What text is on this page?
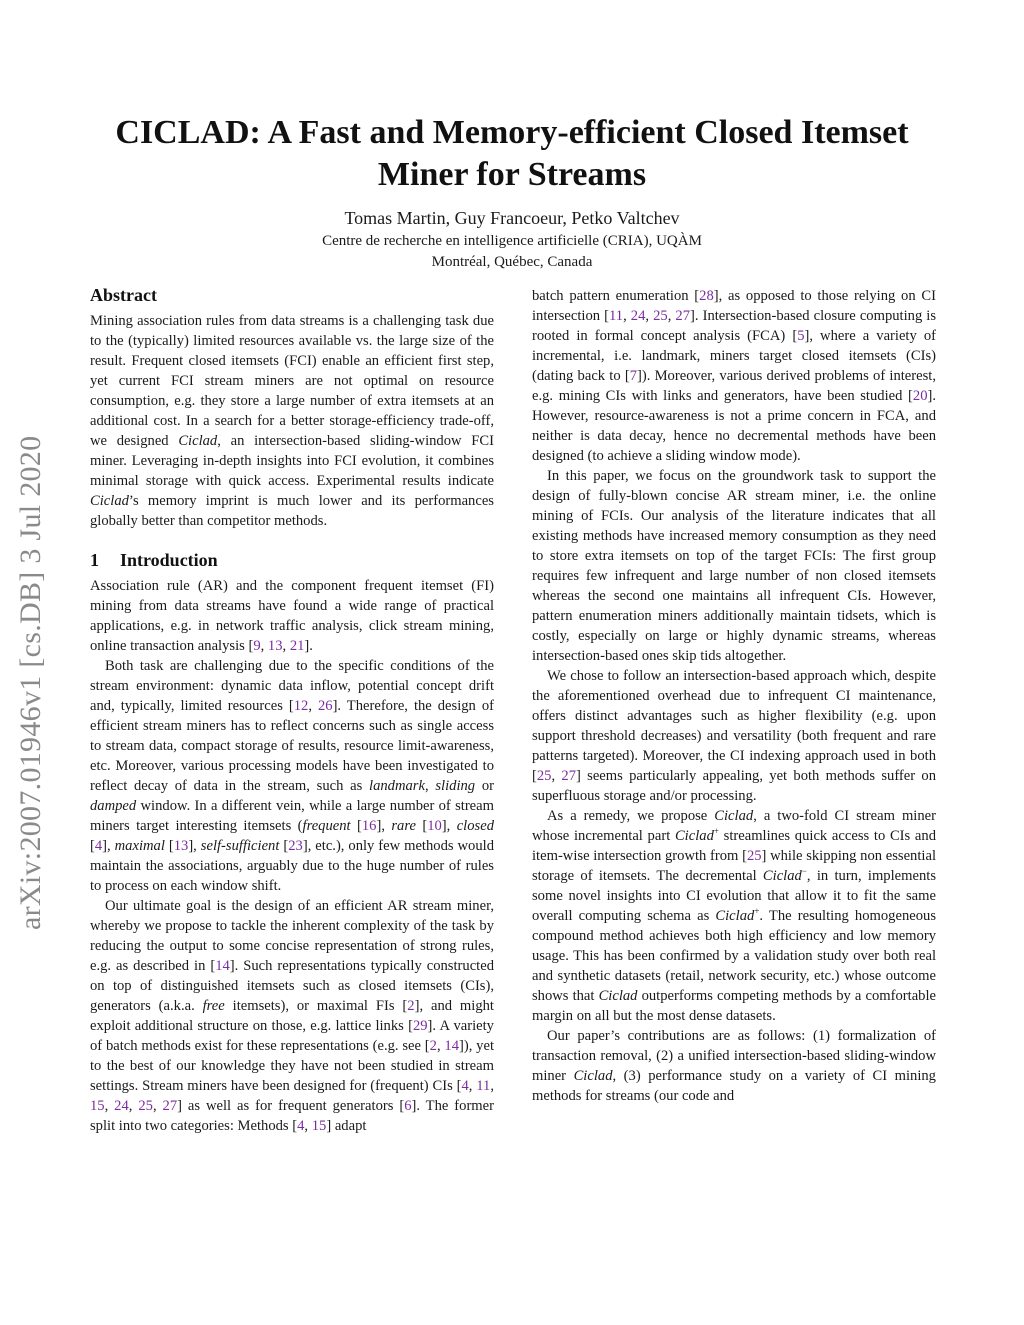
arXiv:2007.01946v1 [cs.DB] 3 Jul 2020
CICLAD: A Fast and Memory-efficient Closed Itemset
Miner for Streams
Tomas Martin, Guy Francoeur, Petko Valtchev
Centre de recherche en intelligence artificielle (CRIA), UQÀM
Montréal, Québec, Canada
Abstract

Mining association rules from data streams is a challenging task due to the (typically) limited resources available vs. the large size of the result. Frequent closed itemsets (FCI) enable an efficient first step, yet current FCI stream miners are not optimal on resource consumption, e.g. they store a large number of extra itemsets at an additional cost. In a search for a better storage-efficiency trade-off, we designed Ciclad, an intersection-based sliding-window FCI miner. Leveraging in-depth insights into FCI evolution, it combines minimal storage with quick access. Experimental results indicate Ciclad’s memory imprint is much lower and its performances globally better than competitor methods.

1 Introduction

Association rule (AR) and the component frequent itemset (FI) mining from data streams have found a wide range of practical applications, e.g. in network traffic analysis, click stream mining, online transaction analysis [9, 13, 21].

Both task are challenging due to the specific conditions of the stream environment: dynamic data inflow, potential concept drift and, typically, limited resources [12, 26]. Therefore, the design of efficient stream miners has to reflect concerns such as single access to stream data, compact storage of results, resource limit-awareness, etc. Moreover, various processing models have been investigated to reflect decay of data in the stream, such as landmark, sliding or damped window. In a different vein, while a large number of stream miners target interesting itemsets (frequent [16], rare [10], closed [4], maximal [13], self-sufficient [23], etc.), only few methods would maintain the associations, arguably due to the huge number of rules to process on each window shift.

Our ultimate goal is the design of an efficient AR stream miner, whereby we propose to tackle the inherent complexity of the task by reducing the output to some concise representation of strong rules, e.g. as described in [14]. Such representations typically constructed on top of distinguished itemsets such as closed itemsets (CIs), generators (a.k.a. free itemsets), or maximal FIs [2], and might exploit additional structure on those, e.g. lattice links [29]. A variety of batch methods exist for these representations (e.g. see [2, 14]), yet to the best of our knowledge they have not been studied in stream settings. Stream miners have been designed for (frequent) CIs [4, 11, 15, 24, 25, 27] as well as for frequent generators [6]. The former split into two categories: Methods [4, 15] adapt

batch pattern enumeration [28], as opposed to those relying on CI intersection [11, 24, 25, 27]. Intersection-based closure computing is rooted in formal concept analysis (FCA) [5], where a variety of incremental, i.e. landmark, miners target closed itemsets (CIs) (dating back to [7]). Moreover, various derived problems of interest, e.g. mining CIs with links and generators, have been studied [20]. However, resource-awareness is not a prime concern in FCA, and neither is data decay, hence no decremental methods have been designed (to achieve a sliding window mode).

In this paper, we focus on the groundwork task to support the design of fully-blown concise AR stream miner, i.e. the online mining of FCIs. Our analysis of the literature indicates that all existing methods have increased memory consumption as they need to store extra itemsets on top of the target FCIs: The first group requires few infrequent and large number of non closed itemsets whereas the second one maintains all infrequent CIs. However, pattern enumeration miners additionally maintain tidsets, which is costly, especially on large or highly dynamic streams, whereas intersection-based ones skip tids altogether.

We chose to follow an intersection-based approach which, despite the aforementioned overhead due to infrequent CI maintenance, offers distinct advantages such as higher flexibility (e.g. upon support threshold decreases) and versatility (both frequent and rare patterns targeted). Moreover, the CI indexing approach used in both [25, 27] seems particularly appealing, yet both methods suffer on superfluous storage and/or processing.

As a remedy, we propose Ciclad, a two-fold CI stream miner whose incremental part Ciclad+ streamlines quick access to CIs and item-wise intersection growth from [25] while skipping non essential storage of itemsets. The decremental Ciclad−, in turn, implements some novel insights into CI evolution that allow it to fit the same overall computing schema as Ciclad+. The resulting homogeneous compound method achieves both high efficiency and low memory usage. This has been confirmed by a validation study over both real and synthetic datasets (retail, network security, etc.) whose outcome shows that Ciclad outperforms competing methods by a comfortable margin on all but the most dense datasets.

Our paper’s contributions are as follows: (1) formalization of transaction removal, (2) a unified intersection-based sliding-window miner Ciclad, (3) performance study on a variety of CI mining methods for streams (our code and
